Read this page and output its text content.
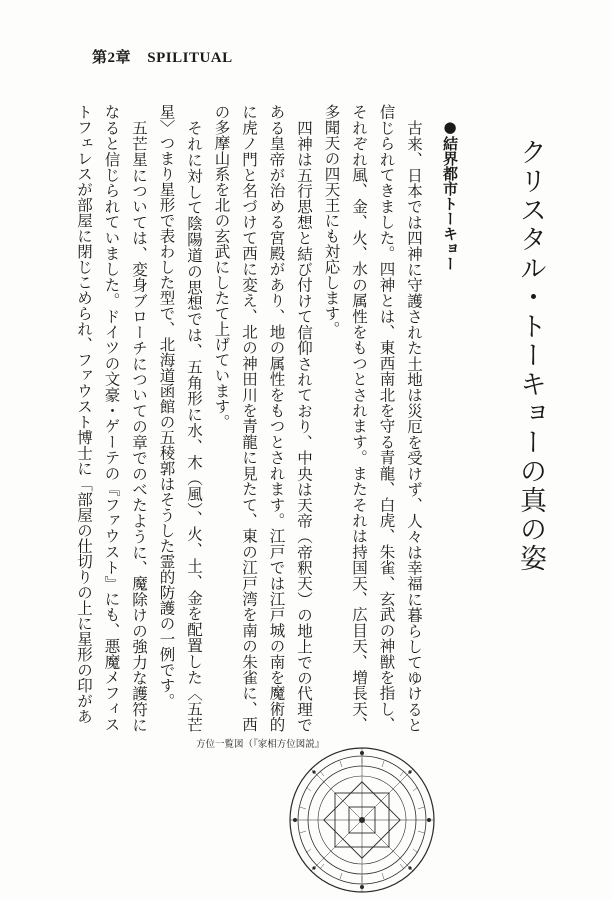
第2章 SPILITUAL
クリスタル・トーキョーの真の姿
●結界都市トーキョー

古来、日本では四神に守護された土地は災厄を受けず、人々は幸福に暮らしてゆけると信じられてきました。四神とは、東西南北を守る青龍、白虎、朱雀、玄武の神獣を指し、それぞれ風、金、火、水の属性をもつとされます。またそれは持国天、広目天、増長天、多聞天の四天王にも対応します。

四神は五行思想と結び付けて信仰されており、中央は天帝（帝釈天）の地上での代理である皇帝が治める宮殿があり、地の属性をもつとされます。江戸では江戸城の南を魔術的に虎ノ門と名づけて西に変え、北の神田川を青龍に見たて、東の江戸湾を南の朱雀に、西の多摩山系を北の玄武にしたて上げています。

それに対して陰陽道の思想では、五角形に水、木（風）、火、土、金を配置した〈五芒星〉つまり星形で表わした型で、北海道函館の五稜郭はそうした霊的防護の一例です。

五芒星については、変身ブローチについての章でのべたように、魔除けの強力な護符になると信じられていました。ドイツの文豪・ゲーテの『ファウスト』にも、悪魔メフィストフェレスが部屋に閉じこめられ、ファウスト博士に「部屋の仕切りの上に星形の印があ

方位一覧図（『家相方位図説』
